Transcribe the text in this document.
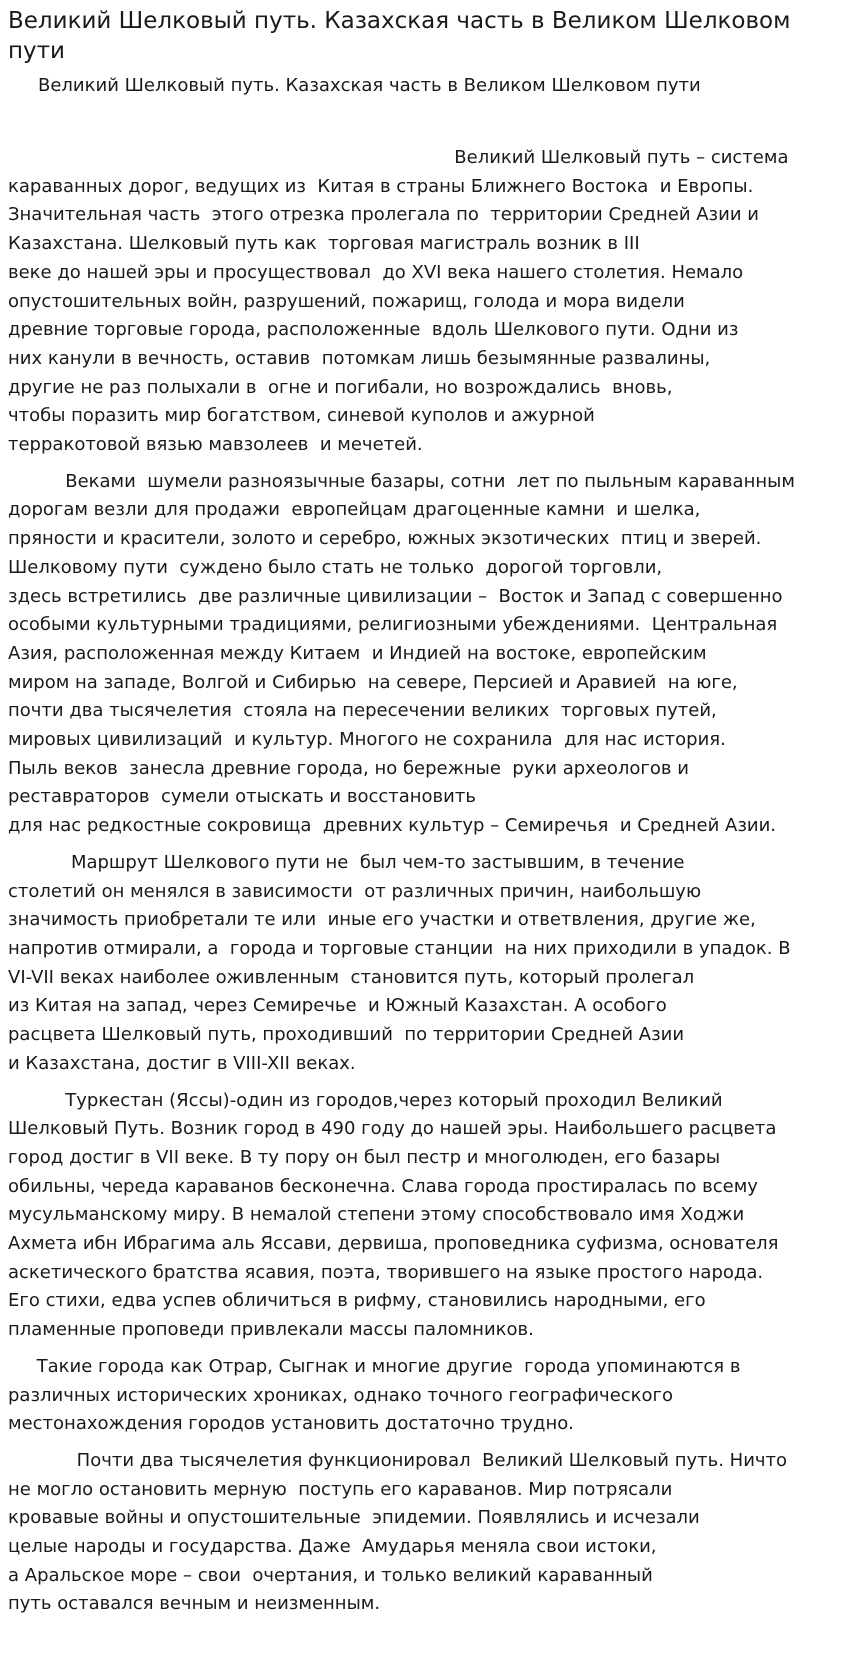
Великий Шелковый путь. Казахская часть в Великом Шелковом пути
Великий Шелковый путь. Казахская часть в Великом Шелковом пути
Великий Шелковый путь – система
караванных дорог, ведущих из  Китая в страны Ближнего Востока  и Европы.
Значительная часть  этого отрезка пролегала по  территории Средней Азии и
Казахстана. Шелковый путь как  торговая магистраль возник в III
веке до нашей эры и просуществовал  до XVI века нашего столетия. Немало
опустошительных войн, разрушений, пожарищ, голода и мора видели
древние торговые города, расположенные  вдоль Шелкового пути. Одни из
них канули в вечность, оставив  потомкам лишь безымянные развалины,
другие не раз полыхали в  огне и погибали, но возрождались  вновь,
чтобы поразить мир богатством, синевой куполов и ажурной
терракотовой вязью мавзолеев  и мечетей.
Веками  шумели разноязычные базары, сотни  лет по пыльным караванным
дорогам везли для продажи  европейцам драгоценные камни  и шелка,
пряности и красители, золото и серебро, южных экзотических  птиц и зверей.
Шелковому пути  суждено было стать не только  дорогой торговли,
здесь встретились  две различные цивилизации –  Восток и Запад с совершенно
особыми культурными традициями, религиозными убеждениями.  Центральная
Азия, расположенная между Китаем  и Индией на востоке, европейским
миром на западе, Волгой и Сибирью  на севере, Персией и Аравией  на юге,
почти два тысячелетия  стояла на пересечении великих  торговых путей,
мировых цивилизаций  и культур. Многого не сохранила  для нас история.
Пыль веков  занесла древние города, но бережные  руки археологов и
реставраторов  сумели отыскать и восстановить
для нас редкостные сокровища  древних культур – Семиречья  и Средней Азии.
Маршрут Шелкового пути не  был чем-то застывшим, в течение
столетий он менялся в зависимости  от различных причин, наибольшую
значимость приобретали те или  иные его участки и ответвления, другие же,
напротив отмирали, а  города и торговые станции  на них приходили в упадок. В
VI-VII веках наиболее оживленным  становится путь, который пролегал
из Китая на запад, через Семиречье  и Южный Казахстан. А особого
расцвета Шелковый путь, проходивший  по территории Средней Азии
и Казахстана, достиг в VIII-XII веках.
Туркестан (Яссы)-один из городов,через который проходил Великий
Шелковый Путь. Возник город в 490 году до нашей эры. Наибольшего расцвета
город достиг в VII веке. В ту пору он был пестр и многолюден, его базары
обильны, череда караванов бесконечна. Слава города простиралась по всему
мусульманскому миру. В немалой степени этому способствовало имя Ходжи
Ахмета ибн Ибрагима аль Яссави, дервиша, проповедника суфизма, основателя
аскетического братства ясавия, поэта, творившего на языке простого народа.
Его стихи, едва успев обличиться в рифму, становились народными, его
пламенные проповеди привлекали массы паломников.
Такие города как Отрар, Сыгнак и многие другие  города упоминаются в
различных исторических хрониках, однако точного географического
местонахождения городов установить достаточно трудно.
Почти два тысячелетия функционировал  Великий Шелковый путь. Ничто
не могло остановить мерную  поступь его караванов. Мир потрясали
кровавые войны и опустошительные  эпидемии. Появлялись и исчезали
целые народы и государства. Даже  Амударья меняла свои истоки,
а Аральское море – свои  очертания, и только великий караванный
путь оставался вечным и неизменным.
